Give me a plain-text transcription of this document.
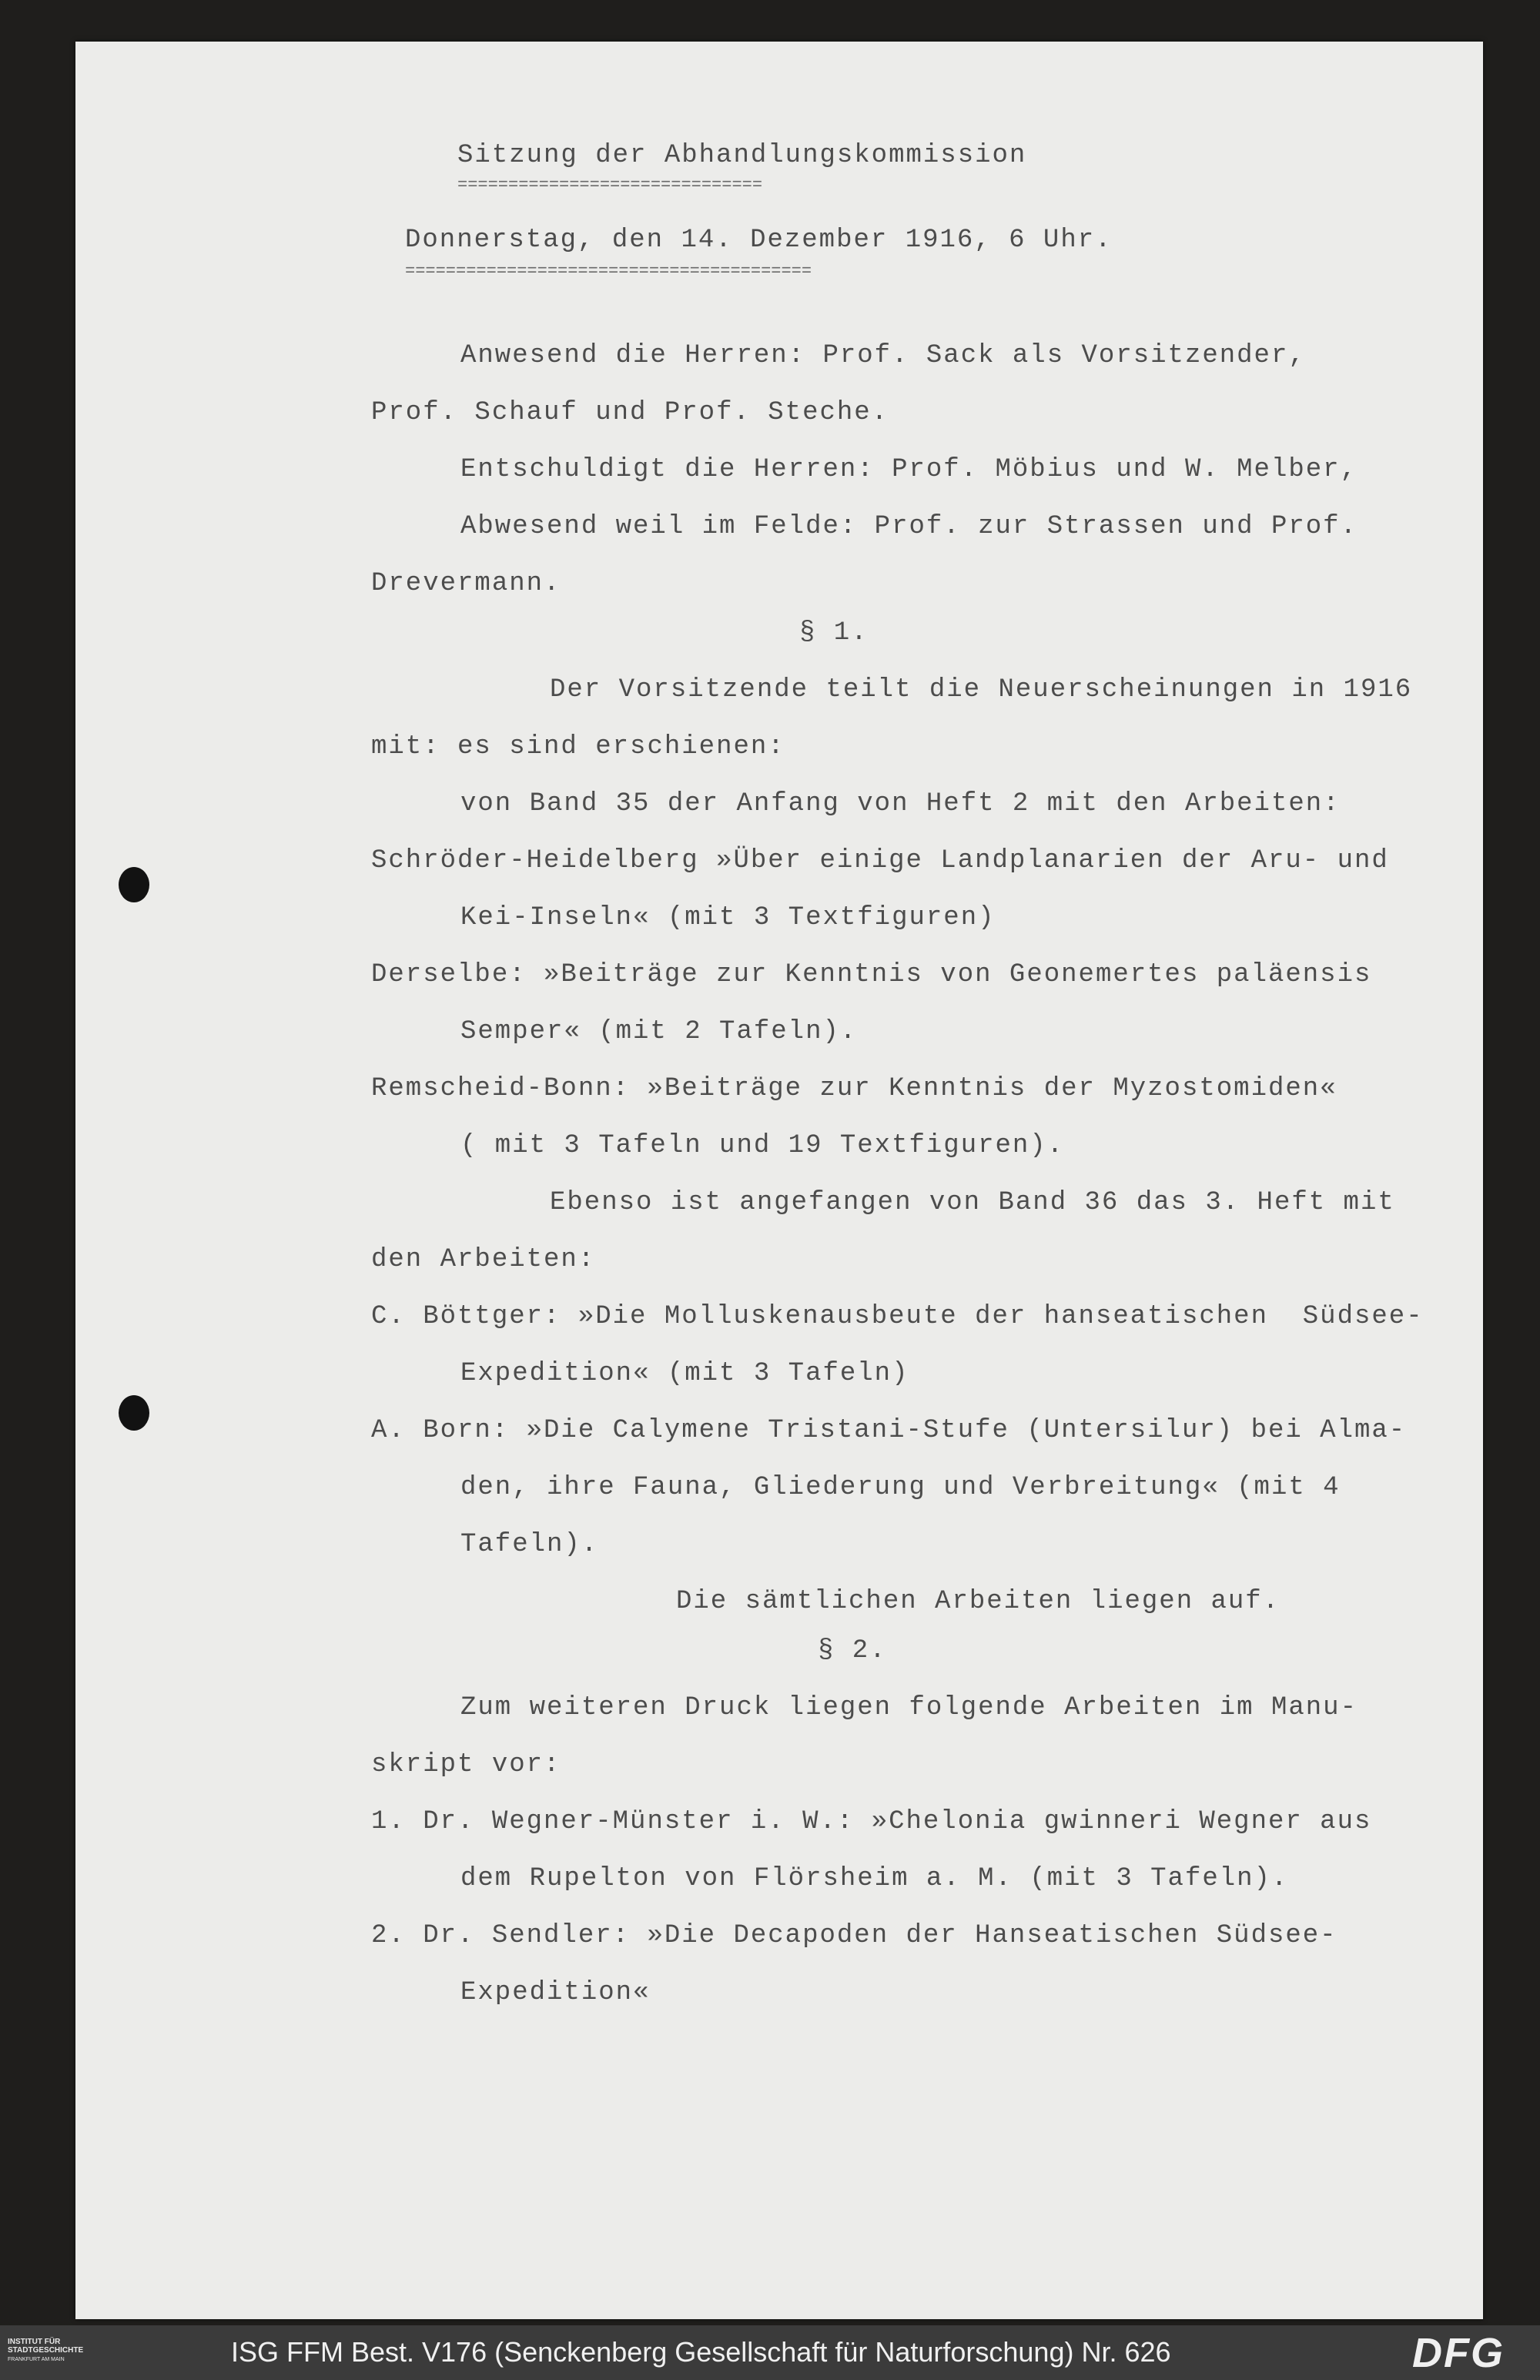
Sitzung der Abhandlungskommission
==============================
Donnerstag, den 14. Dezember 1916, 6 Uhr.
========================================
Anwesend die Herren: Prof. Sack als Vorsitzender,
Prof. Schauf und Prof. Steche.
Entschuldigt die Herren: Prof. Möbius und W. Melber,
Abwesend weil im Felde: Prof. zur Strassen und Prof.
Drevermann.
§ 1.
Der Vorsitzende teilt die Neuerscheinungen in 1916
mit: es sind erschienen:
von Band 35 der Anfang von Heft 2 mit den Arbeiten:
Schröder-Heidelberg »Über einige Landplanarien der Aru- und
Kei-Inseln« (mit 3 Textfiguren)
Derselbe: »Beiträge zur Kenntnis von Geonemertes paläensis
Semper« (mit 2 Tafeln).
Remscheid-Bonn: »Beiträge zur Kenntnis der Myzostomiden«
( mit 3 Tafeln und 19 Textfiguren).
Ebenso ist angefangen von Band 36 das 3. Heft mit
den Arbeiten:
C. Böttger: »Die Molluskenausbeute der hanseatischen  Südsee-
Expedition« (mit 3 Tafeln)
A. Born: »Die Calymene Tristani-Stufe (Untersilur) bei Alma-
den, ihre Fauna, Gliederung und Verbreitung« (mit 4
Tafeln).
Die sämtlichen Arbeiten liegen auf.
§ 2.
Zum weiteren Druck liegen folgende Arbeiten im Manu-
skript vor:
1. Dr. Wegner-Münster i. W.: »Chelonia gwinneri Wegner aus
dem Rupelton von Flörsheim a. M. (mit 3 Tafeln).
2. Dr. Sendler: »Die Decapoden der Hanseatischen Südsee-
Expedition«
INSTITUT FÜR
STADTGESCHICHTE
FRANKFURT AM MAIN	ISG FFM Best. V176 (Senckenberg Gesellschaft für Naturforschung) Nr. 626	DFG
